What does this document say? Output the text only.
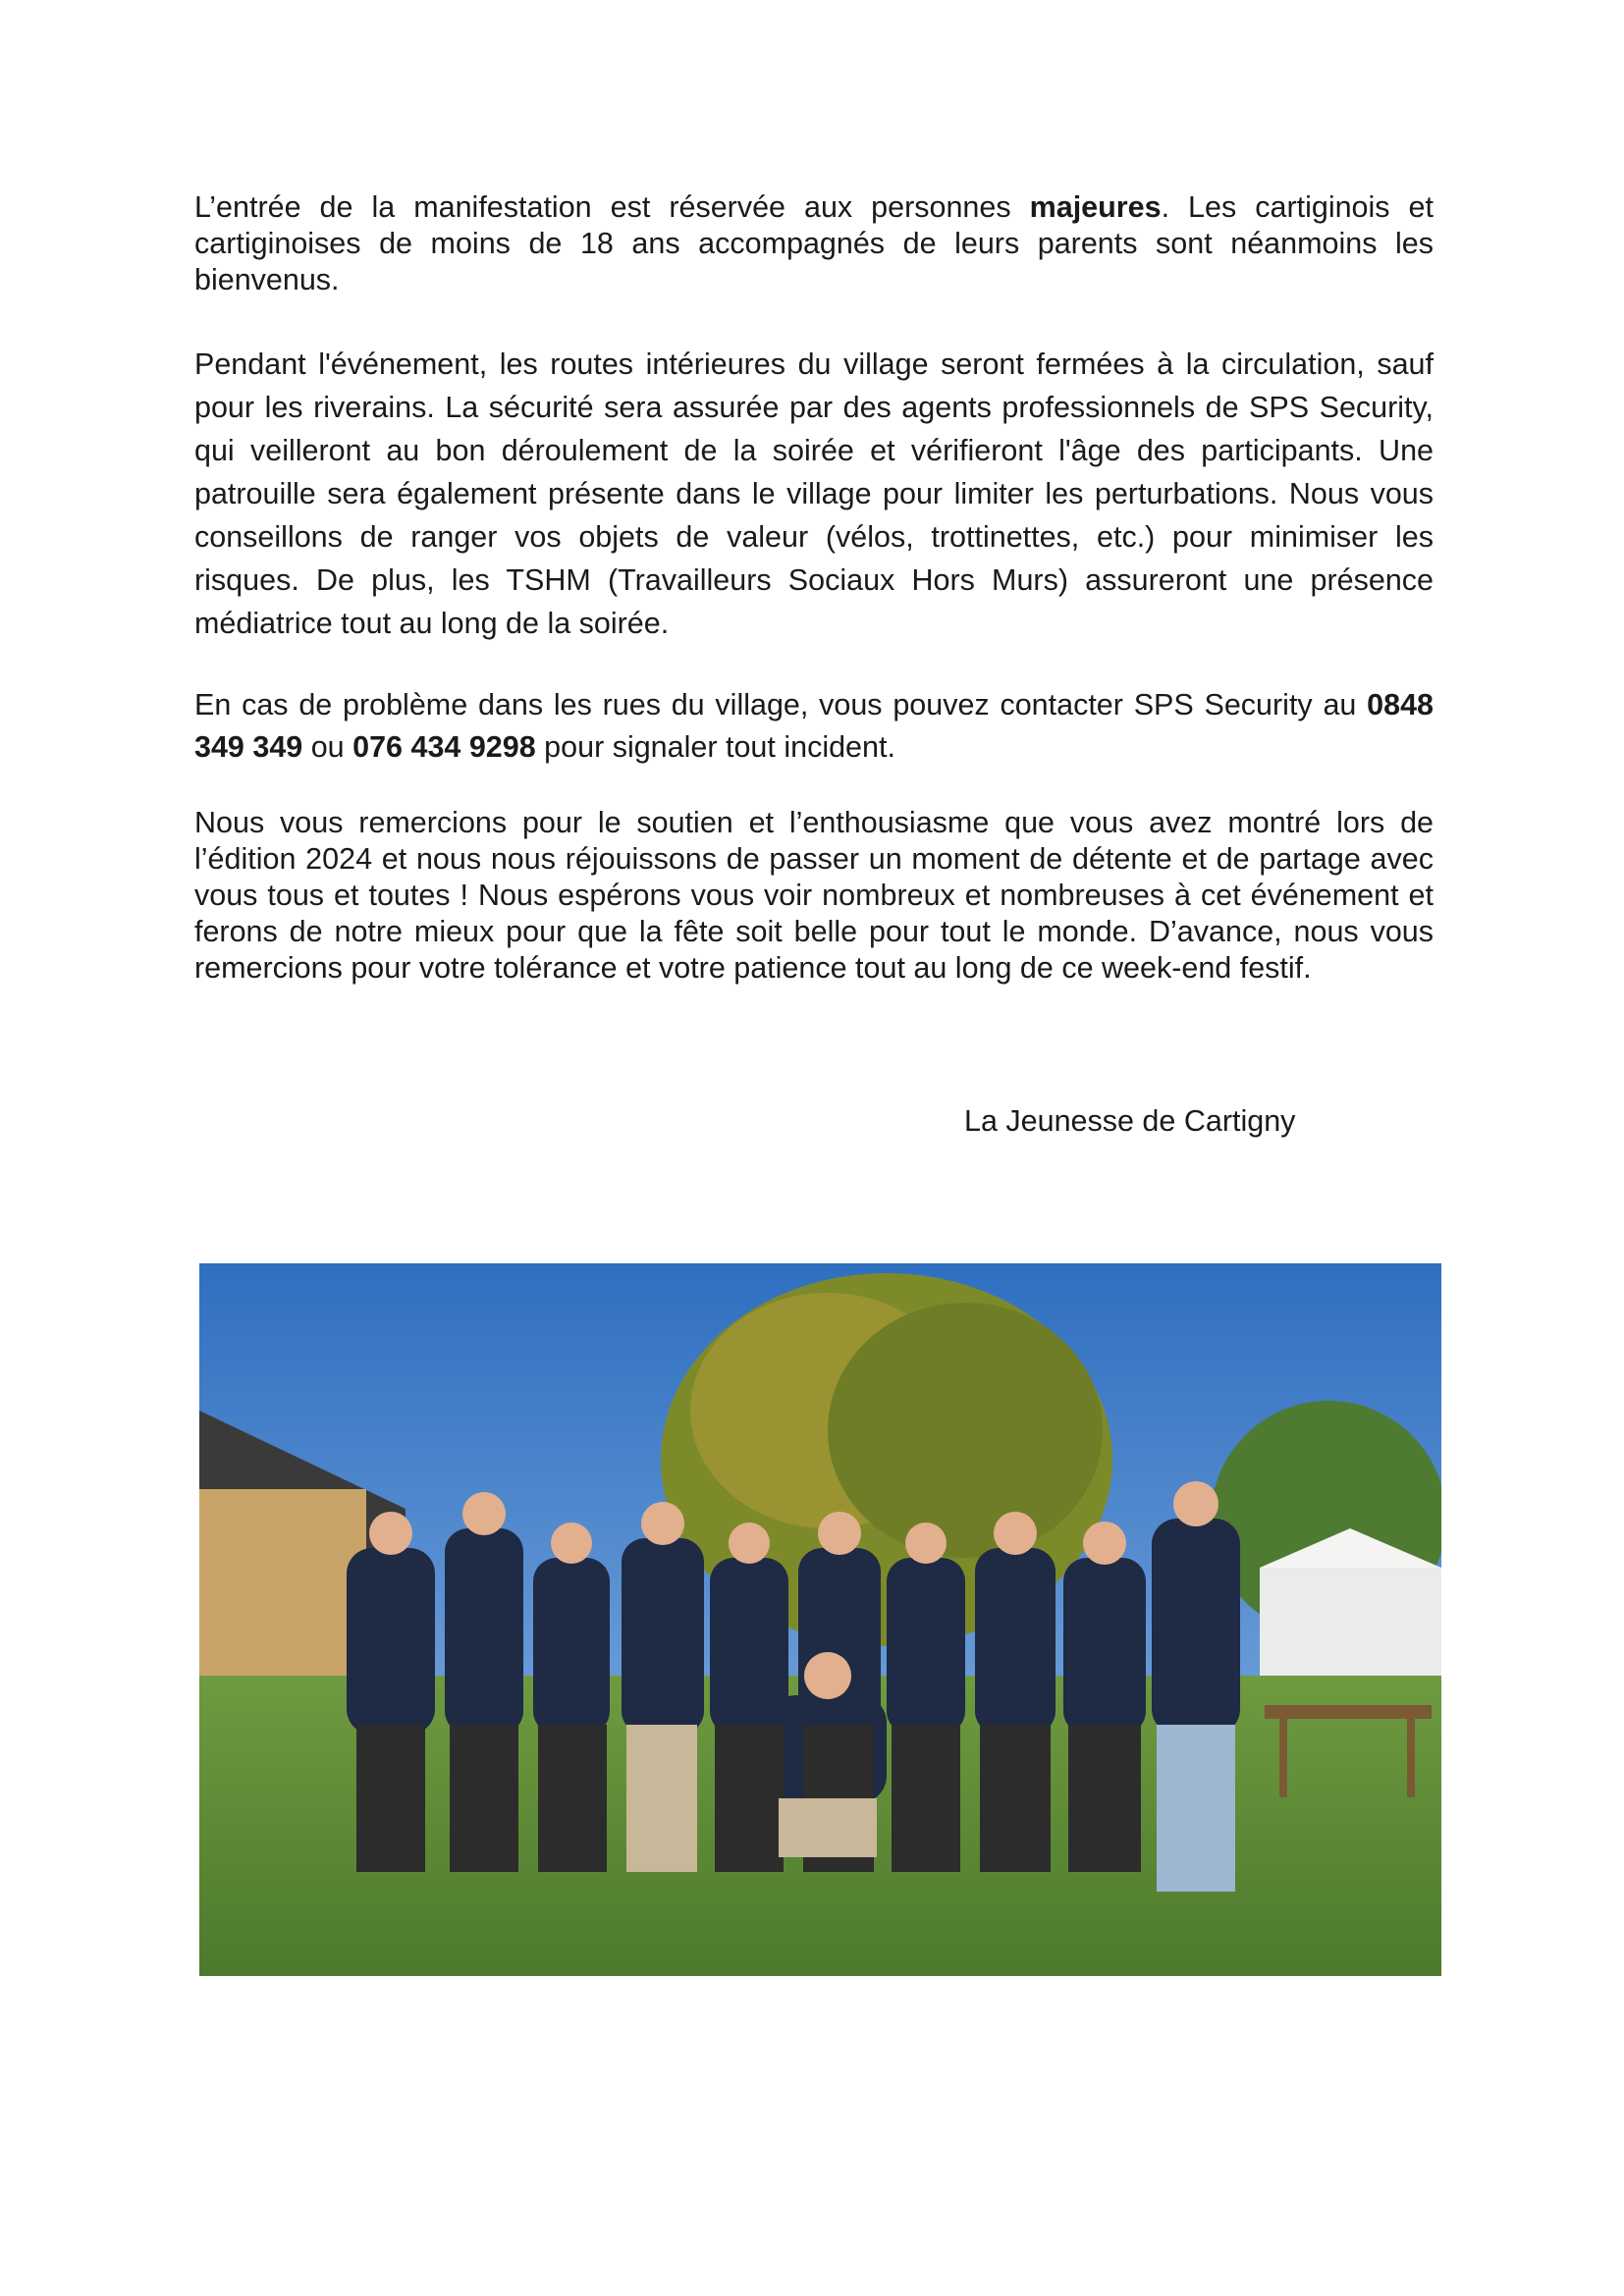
L’entrée de la manifestation est réservée aux personnes majeures. Les cartiginois et cartiginoises de moins de 18 ans accompagnés de leurs parents sont néanmoins les bienvenus.

Pendant l'événement, les routes intérieures du village seront fermées à la circulation, sauf pour les riverains. La sécurité sera assurée par des agents professionnels de SPS Security, qui veilleront au bon déroulement de la soirée et vérifieront l'âge des participants. Une patrouille sera également présente dans le village pour limiter les perturbations. Nous vous conseillons de ranger vos objets de valeur (vélos, trottinettes, etc.) pour minimiser les risques. De plus, les TSHM (Travailleurs Sociaux Hors Murs) assureront une présence médiatrice tout au long de la soirée.

En cas de problème dans les rues du village, vous pouvez contacter SPS Security au 0848 349 349 ou 076 434 9298 pour signaler tout incident.

Nous vous remercions pour le soutien et l’enthousiasme que vous avez montré lors de l’édition 2024 et nous nous réjouissons de passer un moment de détente et de partage avec vous tous et toutes ! Nous espérons vous voir nombreux et nombreuses à cet événement et ferons de notre mieux pour que la fête soit belle pour tout le monde. D’avance, nous vous remercions pour votre tolérance et votre patience tout au long de ce week-end festif.

La Jeunesse de Cartigny
